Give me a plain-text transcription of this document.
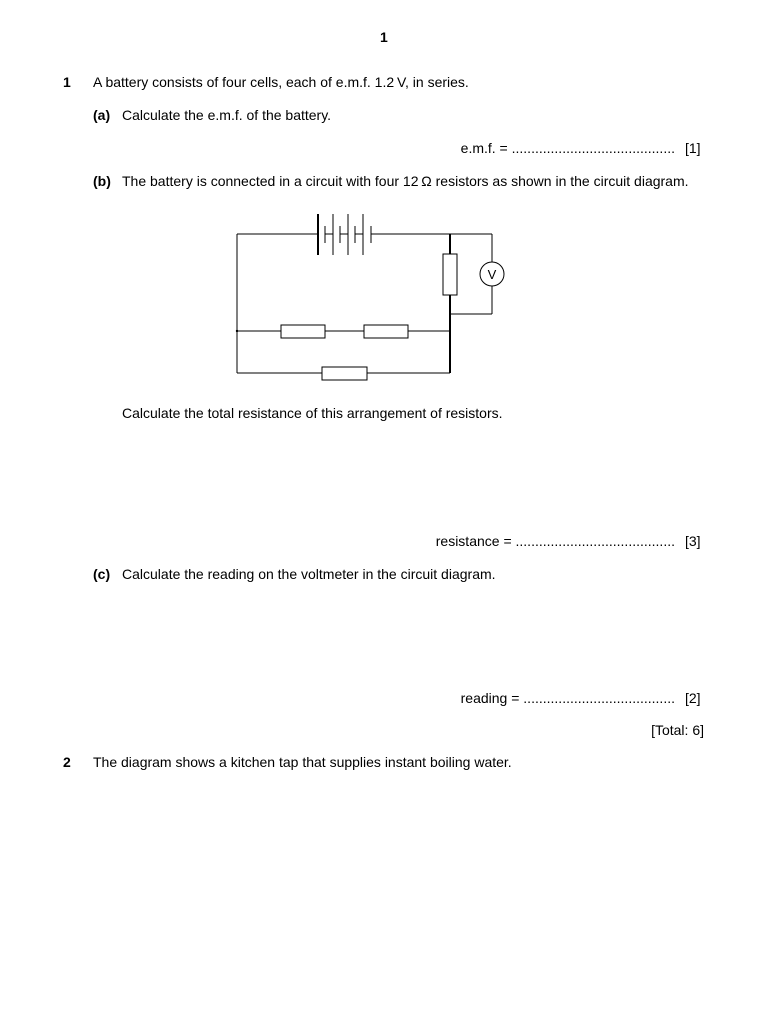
1
1 A battery consists of four cells, each of e.m.f. 1.2 V, in series.
(a) Calculate the e.m.f. of the battery.
e.m.f. = .......................................... [1]
(b) The battery is connected in a circuit with four 12 Ω resistors as shown in the circuit diagram.
V
Calculate the total resistance of this arrangement of resistors.
resistance = ......................................... [3]
(c) Calculate the reading on the voltmeter in the circuit diagram.
reading = ....................................... [2]
[Total: 6]
2 The diagram shows a kitchen tap that supplies instant boiling water.
